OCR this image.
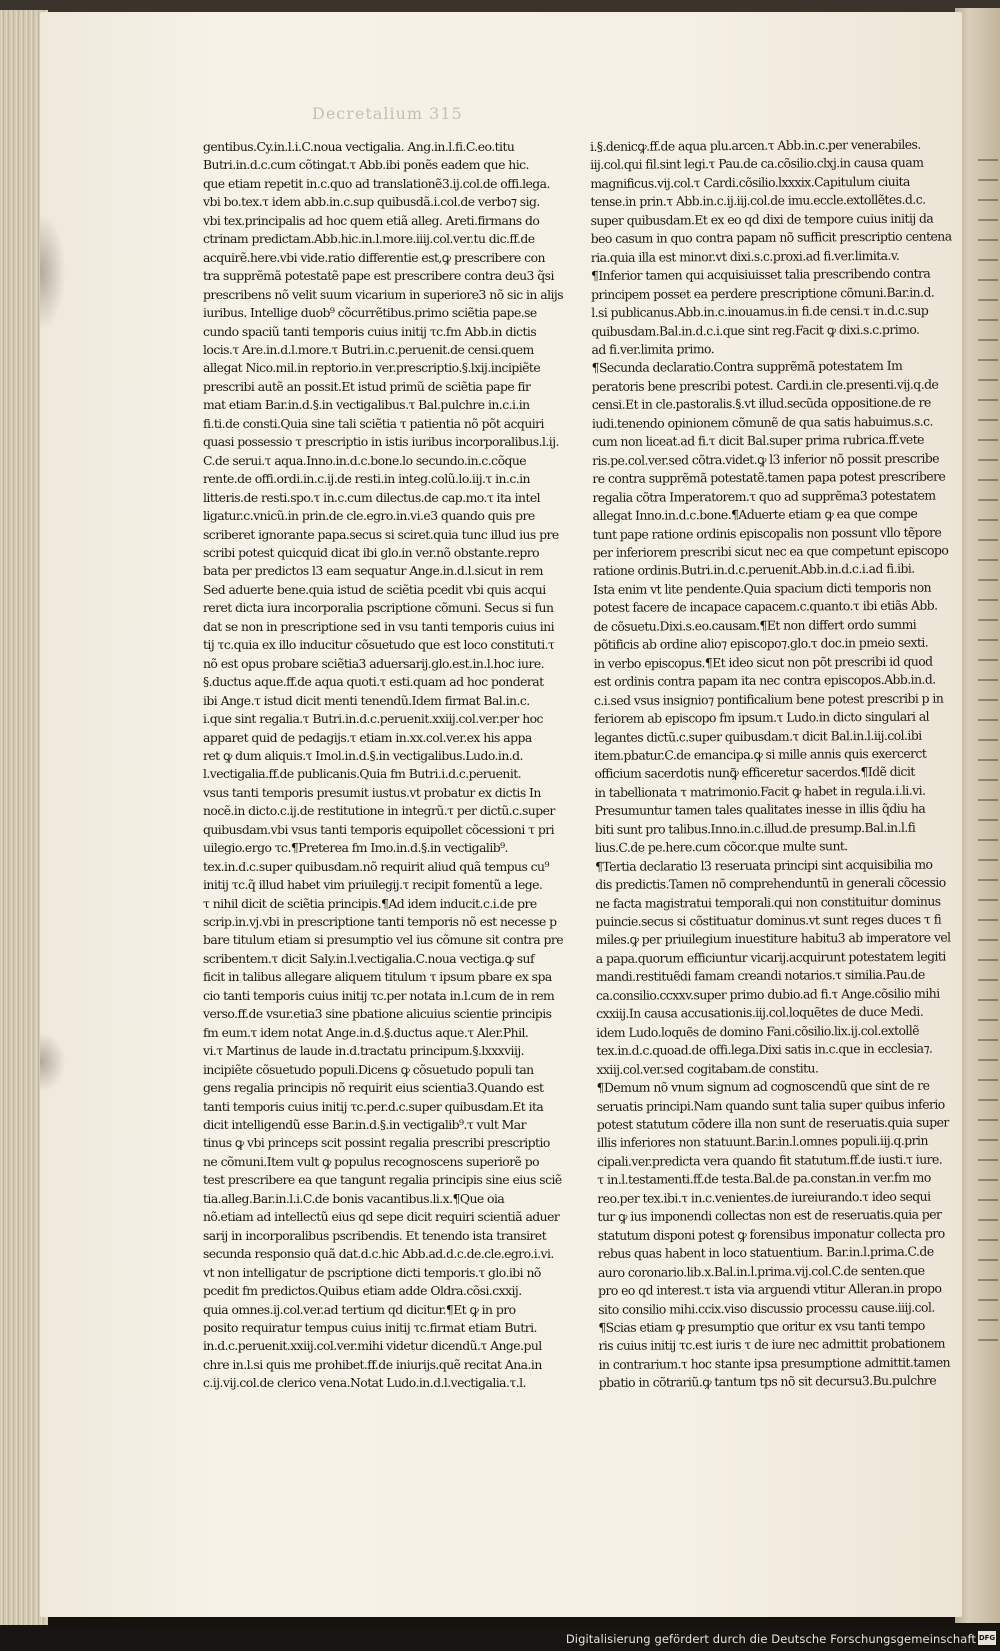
Decretalium 315
gentibus.Cy.in.l.i.C.noua vectigalia. Ang.in.l.fi.C.eo.titu
Butri.in.d.c.cum cõtingat.τ Abb.ibi ponẽs eadem que hic.
que etiam repetit in.c.quo ad translationẽ3.ij.col.de offi.lega.
vbi bo.tex.τ idem abb.in.c.sup quibusdã.i.col.de verbo⁊ sig.
vbi tex.principalis ad hoc quem etiã alleg. Areti.firmans do
ctrinam predictam.Abb.hic.in.l.more.iiij.col.ver.tu dic.ff.de
acquirẽ.here.vbi vide.ratio differentie est,ꝙ prescribere con
tra supprẽmã potestatẽ pape est prescribere contra deu3 q̃si
prescribens nõ velit suum vicarium in superiore3 nõ sic in alijs
iuribus. Intellige duob⁹ cõcurrẽtibus.primo sciẽtia pape.se
cundo spaciũ tanti temporis cuius initij τc.fm Abb.in dictis
locis.τ Are.in.d.l.more.τ Butri.in.c.peruenit.de censi.quem
allegat Nico.mil.in reptorio.in ver.prescriptio.§.lxij.incipiẽte
prescribi autẽ an possit.Et istud primũ de sciẽtia pape fir
mat etiam Bar.in.d.§.in vectigalibus.τ Bal.pulchre in.c.i.in
fi.ti.de consti.Quia sine tali sciẽtia τ patientia nõ põt acquiri
quasi possessio τ prescriptio in istis iuribus incorporalibus.l.ij.
C.de serui.τ aqua.Inno.in.d.c.bone.lo secundo.in.c.cõque
rente.de offi.ordi.in.c.ij.de resti.in integ.colũ.lo.iij.τ in.c.in
litteris.de resti.spo.τ in.c.cum dilectus.de cap.mo.τ ita intel
ligatur.c.vnicũ.in prin.de cle.egro.in.vi.e3 quando quis pre
scriberet ignorante papa.secus si sciret.quia tunc illud ius pre
scribi potest quicquid dicat ibi glo.in ver.nõ obstante.repro
bata per predictos l3 eam sequatur Ange.in.d.l.sicut in rem
Sed aduerte bene.quia istud de sciẽtia pcedit vbi quis acqui
reret dicta iura incorporalia pscriptione cõmuni. Secus si fun
dat se non in prescriptione sed in vsu tanti temporis cuius ini
tij τc.quia ex illo inducitur cõsuetudo que est loco constituti.τ
nõ est opus probare sciẽtia3 aduersarij.glo.est.in.l.hoc iure.
§.ductus aque.ff.de aqua quoti.τ esti.quam ad hoc ponderat
ibi Ange.τ istud dicit menti tenendũ.Idem firmat Bal.in.c.
i.que sint regalia.τ Butri.in.d.c.peruenit.xxiij.col.ver.per hoc
apparet quid de pedagijs.τ etiam in.xx.col.ver.ex his appa
ret ꝙ dum aliquis.τ Imol.in.d.§.in vectigalibus.Ludo.in.d.
l.vectigalia.ff.de publicanis.Quia fm Butri.i.d.c.peruenit.
vsus tanti temporis presumit iustus.vt probatur ex dictis In
nocẽ.in dicto.c.ij.de restitutione in integrũ.τ per dictũ.c.super
quibusdam.vbi vsus tanti temporis equipollet cõcessioni τ pri
uilegio.ergo τc.¶Preterea fm Imo.in.d.§.in vectigalib⁹.
tex.in.d.c.super quibusdam.nõ requirit aliud quã tempus cu⁹
initij τc.q̃ illud habet vim priuilegij.τ recipit fomentũ a lege.
τ nihil dicit de sciẽtia principis.¶Ad idem inducit.c.i.de pre
scrip.in.vj.vbi in prescriptione tanti temporis nõ est necesse p
bare titulum etiam si presumptio vel ius cõmune sit contra pre
scribentem.τ dicit Saly.in.l.vectigalia.C.noua vectiga.ꝙ suf
ficit in talibus allegare aliquem titulum τ ipsum pbare ex spa
cio tanti temporis cuius initij τc.per notata in.l.cum de in rem
verso.ff.de vsur.etia3 sine pbatione alicuius scientie principis
fm eum.τ idem notat Ange.in.d.§.ductus aque.τ Aler.Phil.
vi.τ Martinus de laude in.d.tractatu principum.§.lxxxviij.
incipiẽte cõsuetudo populi.Dicens ꝙ cõsuetudo populi tan
gens regalia principis nõ requirit eius scientia3.Quando est
tanti temporis cuius initij τc.per.d.c.super quibusdam.Et ita
dicit intelligendũ esse Bar.in.d.§.in vectigalib⁹.τ vult Mar
tinus ꝙ vbi princeps scit possint regalia prescribi prescriptio
ne cõmuni.Item vult ꝙ populus recognoscens superiorẽ po
test prescribere ea que tangunt regalia principis sine eius sciẽ
tia.alleg.Bar.in.l.i.C.de bonis vacantibus.li.x.¶Que oia
nõ.etiam ad intellectũ eius qd sepe dicit requiri scientiã aduer
sarij in incorporalibus pscribendis. Et tenendo ista transiret
secunda responsio quã dat.d.c.hic Abb.ad.d.c.de.cle.egro.i.vi.
vt non intelligatur de pscriptione dicti temporis.τ glo.ibi nõ
pcedit fm predictos.Quibus etiam adde Oldra.cõsi.cxxij.
quia omnes.ij.col.ver.ad tertium qd dicitur.¶Et ꝙ in pro
posito requiratur tempus cuius initij τc.firmat etiam Butri.
in.d.c.peruenit.xxiij.col.ver.mihi videtur dicendũ.τ Ange.pul
chre in.l.si quis me prohibet.ff.de iniurijs.quẽ recitat Ana.in
c.ij.vij.col.de clerico vena.Notat Ludo.in.d.l.vectigalia.τ.l.
i.§.denicꝙ.ff.de aqua plu.arcen.τ Abb.in.c.per venerabiles.
iij.col.qui fil.sint legi.τ Pau.de ca.cõsilio.clxj.in causa quam
magnificus.vij.col.τ Cardi.cõsilio.lxxxix.Capitulum ciuita
tense.in prin.τ Abb.in.c.ij.iij.col.de imu.eccle.extollẽtes.d.c.
super quibusdam.Et ex eo qd dixi de tempore cuius initij da
beo casum in quo contra papam nõ sufficit prescriptio centena
ria.quia illa est minor.vt dixi.s.c.proxi.ad fi.ver.limita.v.
¶Inferior tamen qui acquisiuisset talia prescribendo contra
principem posset ea perdere prescriptione cõmuni.Bar.in.d.
l.si publicanus.Abb.in.c.inouamus.in fi.de censi.τ in.d.c.sup
quibusdam.Bal.in.d.c.i.que sint reg.Facit ꝙ dixi.s.c.primo.
ad fi.ver.limita primo.
¶Secunda declaratio.Contra supprẽmã potestatem Im
peratoris bene prescribi potest. Cardi.in cle.presenti.vij.q.de
censi.Et in cle.pastoralis.§.vt illud.secũda oppositione.de re
iudi.tenendo opinionem cõmunẽ de qua satis habuimus.s.c.
cum non liceat.ad fi.τ dicit Bal.super prima rubrica.ff.vete
ris.pe.col.ver.sed cõtra.videt.ꝙ l3 inferior nõ possit prescribe
re contra supprẽmã potestatẽ.tamen papa potest prescribere
regalia cõtra Imperatorem.τ quo ad supprẽma3 potestatem
allegat Inno.in.d.c.bone.¶Aduerte etiam ꝙ ea que compe
tunt pape ratione ordinis episcopalis non possunt vllo tẽpore
per inferiorem prescribi sicut nec ea que competunt episcopo
ratione ordinis.Butri.in.d.c.peruenit.Abb.in.d.c.i.ad fi.ibi.
Ista enim vt lite pendente.Quia spacium dicti temporis non
potest facere de incapace capacem.c.quanto.τ ibi etiãs Abb.
de cõsuetu.Dixi.s.eo.causam.¶Et non differt ordo summi
põtificis ab ordine alio⁊ episcopo⁊.glo.τ doc.in pmeio sexti.
in verbo episcopus.¶Et ideo sicut non põt prescribi id quod
est ordinis contra papam ita nec contra episcopos.Abb.in.d.
c.i.sed vsus insignio⁊ pontificalium bene potest prescribi p in
feriorem ab episcopo fm ipsum.τ Ludo.in dicto singulari al
legantes dictũ.c.super quibusdam.τ dicit Bal.in.l.iij.col.ibi
item.pbatur.C.de emancipa.ꝙ si mille annis quis exercerct
officium sacerdotis nunꝙ̃ efficeretur sacerdos.¶Idẽ dicit
in tabellionata τ matrimonio.Facit ꝙ habet in regula.i.li.vi.
Presumuntur tamen tales qualitates inesse in illis q̃diu ha
biti sunt pro talibus.Inno.in.c.illud.de presump.Bal.in.l.fi
lius.C.de pe.here.cum cõcor.que multe sunt.
¶Tertia declaratio l3 reseruata principi sint acquisibilia mo
dis predictis.Tamen nõ comprehenduntũ in generali cõcessio
ne facta magistratui temporali.qui non constituitur dominus
puincie.secus si cõstituatur dominus.vt sunt reges duces τ fi
miles.ꝙ per priuilegium inuestiture habitu3 ab imperatore vel
a papa.quorum efficiuntur vicarij.acquirunt potestatem legiti
mandi.restituẽdi famam creandi notarios.τ similia.Pau.de
ca.consilio.ccxxv.super primo dubio.ad fi.τ Ange.cõsilio mihi
cxxiij.In causa accusationis.iij.col.loquẽtes de duce Medi.
idem Ludo.loquẽs de domino Fani.cõsilio.lix.ij.col.extollẽ
tex.in.d.c.quoad.de offi.lega.Dixi satis in.c.que in ecclesia⁊.
xxiij.col.ver.sed cogitabam.de constitu.
¶Demum nõ vnum signum ad cognoscendũ que sint de re
seruatis principi.Nam quando sunt talia super quibus inferio
potest statutum cõdere illa non sunt de reseruatis.quia super
illis inferiores non statuunt.Bar.in.l.omnes populi.iij.q.prin
cipali.ver.predicta vera quando fit statutum.ff.de iusti.τ iure.
τ in.l.testamenti.ff.de testa.Bal.de pa.constan.in ver.fm mo
reo.per tex.ibi.τ in.c.venientes.de iureiurando.τ ideo sequi
tur ꝙ ius imponendi collectas non est de reseruatis.quia per
statutum disponi potest ꝙ forensibus imponatur collecta pro
rebus quas habent in loco statuentium. Bar.in.l.prima.C.de
auro coronario.lib.x.Bal.in.l.prima.vij.col.C.de senten.que
pro eo qd interest.τ ista via arguendi vtitur Alleran.in propo
sito consilio mihi.ccix.viso discussio processu cause.iiij.col.
¶Scias etiam ꝙ presumptio que oritur ex vsu tanti tempo
ris cuius initij τc.est iuris τ de iure nec admittit probationem
in contrarium.τ hoc stante ipsa presumptione admittit.tamen
pbatio in cõtrariũ.ꝙ tantum tps nõ sit decursu3.Bu.pulchre
Digitalisierung gefördert durch die Deutsche Forschungsgemeinschaft DFG
